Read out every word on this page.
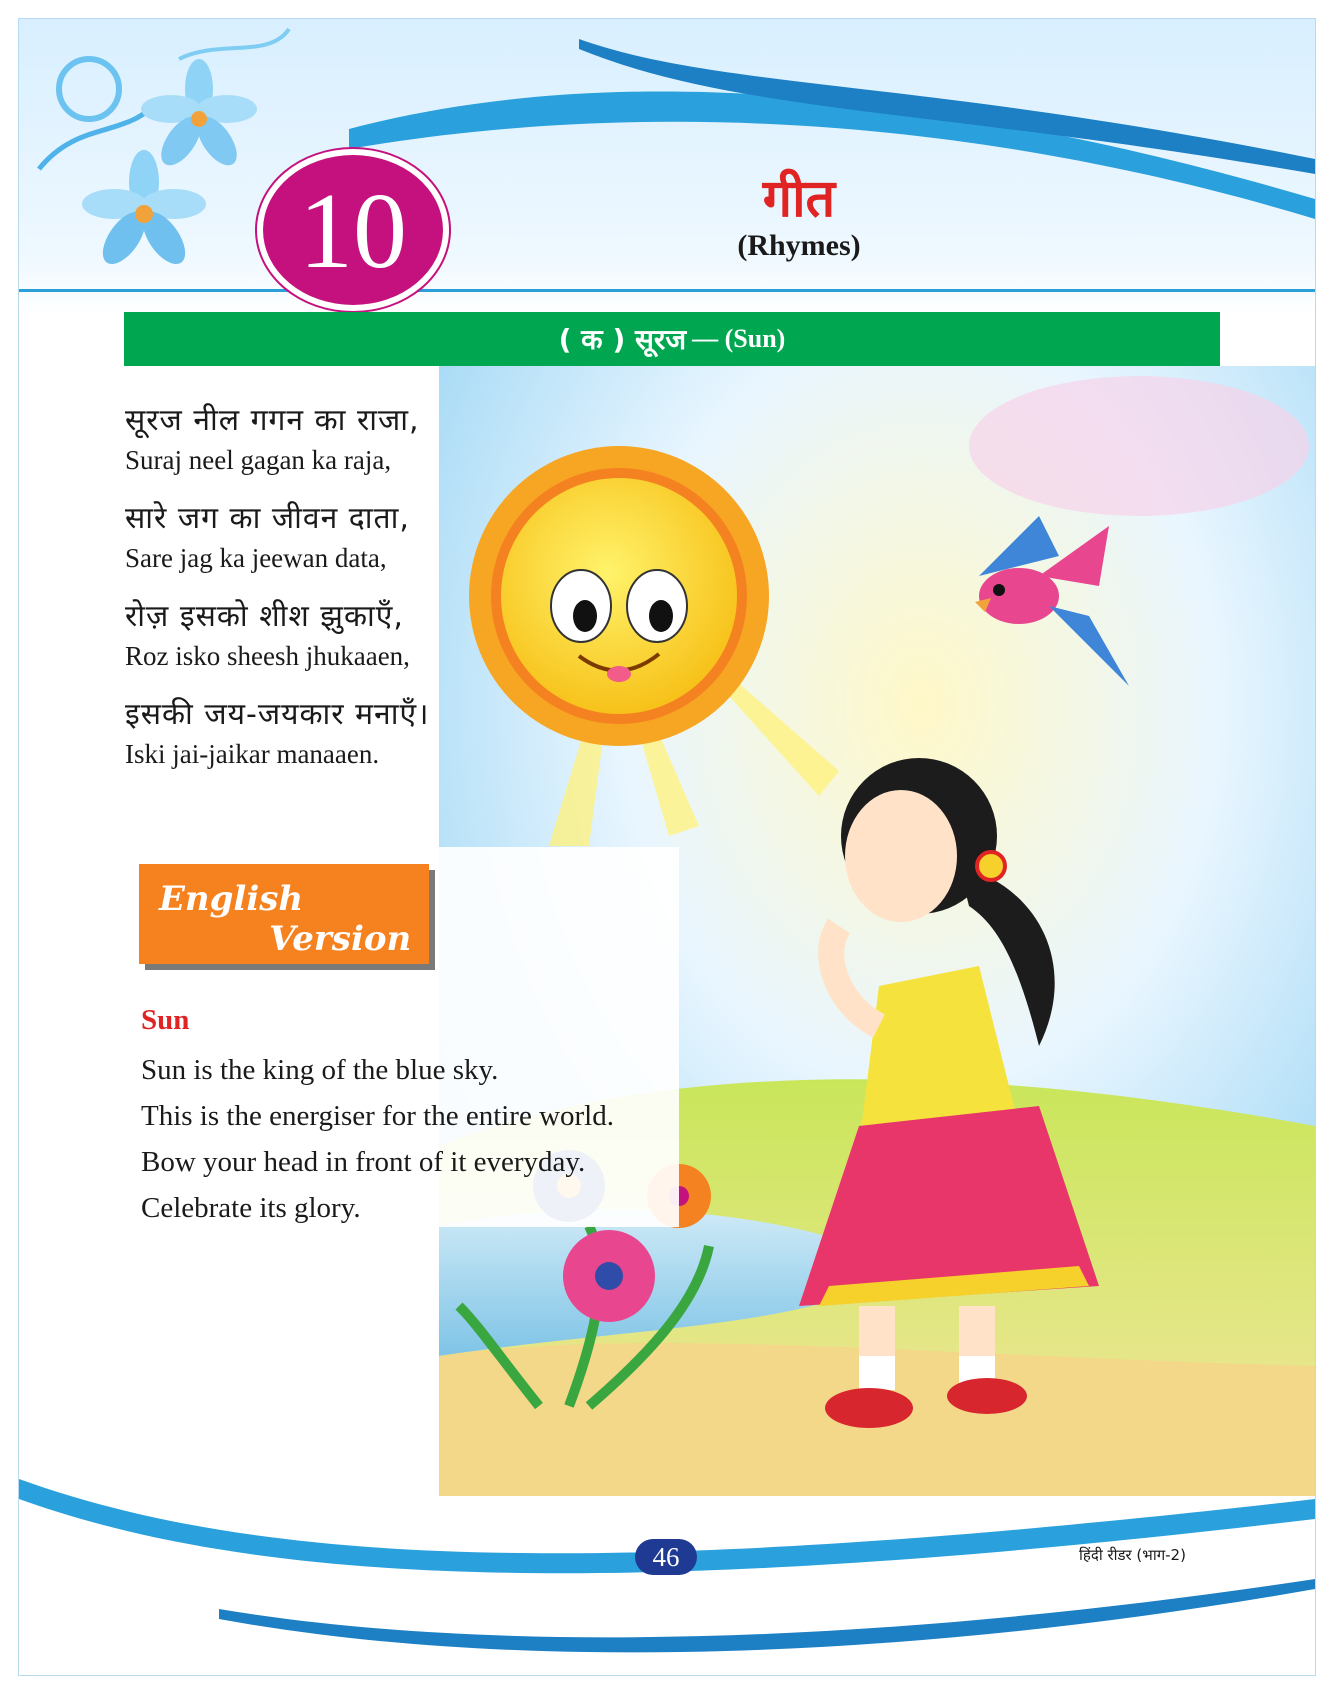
10	गीत
(Rhymes)
( क ) सूरज — (Sun)
सूरज नील गगन का राजा,
Suraj neel gagan ka raja,
सारे जग का जीवन दाता,
Sare jag ka jeewan data,
रोज़ इसको शीश झुकाएँ,
Roz isko sheesh jhukaaen,
इसकी जय-जयकार मनाएँ।
Iski jai-jaikar manaaen.
English
Version
Sun
Sun is the king of the blue sky.
This is the energiser for the entire world.
Bow your head in front of it everyday.
Celebrate its glory.
46	हिंदी रीडर (भाग-2)
